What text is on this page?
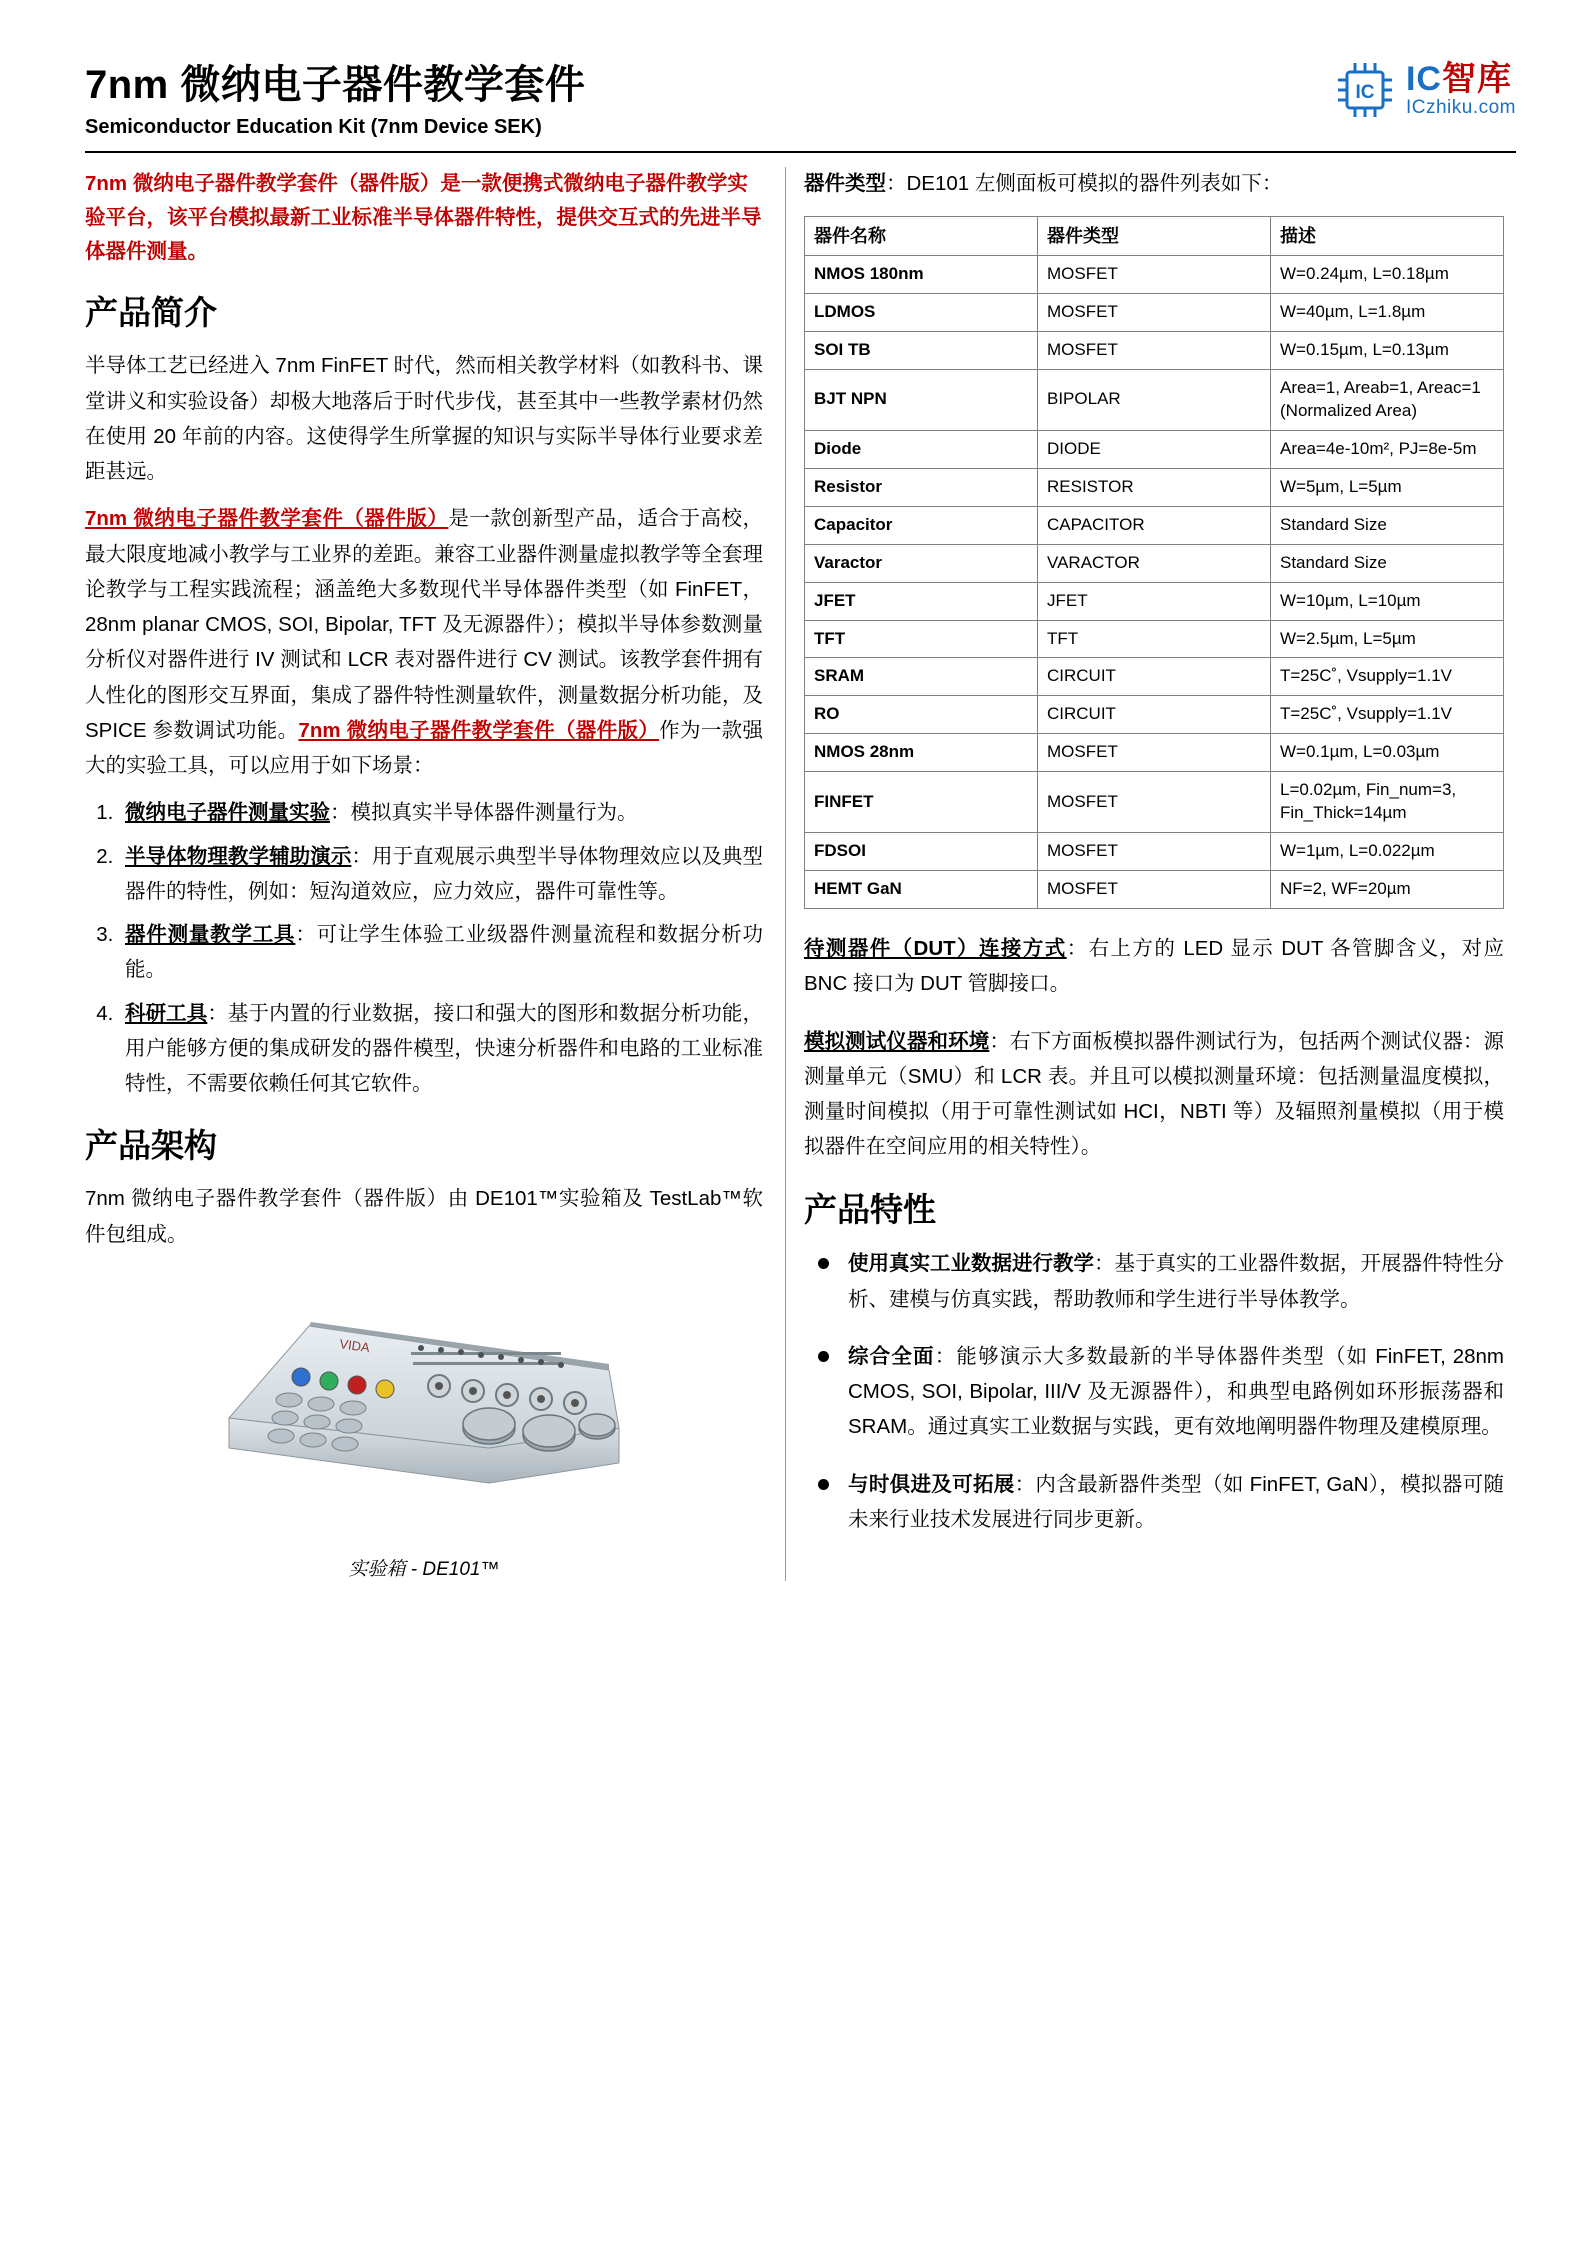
7nm 微纳电子器件教学套件
Semiconductor Education Kit (7nm Device SEK)
IC IC智库
ICzhiku.com

7nm 微纳电子器件教学套件（器件版）是一款便携式微纳电子器件教学实验平台，该平台模拟最新工业标准半导体器件特性，提供交互式的先进半导体器件测量。

产品简介

半导体工艺已经进入 7nm FinFET 时代，然而相关教学材料（如教科书、课堂讲义和实验设备）却极大地落后于时代步伐，甚至其中一些教学素材仍然在使用 20 年前的内容。这使得学生所掌握的知识与实际半导体行业要求差距甚远。

7nm 微纳电子器件教学套件（器件版）是一款创新型产品，适合于高校，最大限度地减小教学与工业界的差距。兼容工业器件测量虚拟教学等全套理论教学与工程实践流程；涵盖绝大多数现代半导体器件类型（如 FinFET，28nm planar CMOS, SOI, Bipolar, TFT 及无源器件）；模拟半导体参数测量分析仪对器件进行 IV 测试和 LCR 表对器件进行 CV 测试。该教学套件拥有人性化的图形交互界面，集成了器件特性测量软件，测量数据分析功能，及 SPICE 参数调试功能。7nm 微纳电子器件教学套件（器件版）作为一款强大的实验工具，可以应用于如下场景：

1. 微纳电子器件测量实验：模拟真实半导体器件测量行为。
2. 半导体物理教学辅助演示：用于直观展示典型半导体物理效应以及典型器件的特性，例如：短沟道效应，应力效应，器件可靠性等。
3. 器件测量教学工具：可让学生体验工业级器件测量流程和数据分析功能。
4. 科研工具：基于内置的行业数据，接口和强大的图形和数据分析功能，用户能够方便的集成研发的器件模型，快速分析器件和电路的工业标准特性，不需要依赖任何其它软件。
产品架构

7nm 微纳电子器件教学套件（器件版）由 DE101™实验箱及 TestLab™软件包组成。

VIDA
实验箱 - DE101™

器件类型：DE101 左侧面板可模拟的器件列表如下：

器件名称	器件类型	描述
NMOS 180nm	MOSFET	W=0.24µm, L=0.18µm
LDMOS	MOSFET	W=40µm, L=1.8µm
SOI TB	MOSFET	W=0.15µm, L=0.13µm
BJT NPN	BIPOLAR	Area=1, Areab=1, Areac=1 (Normalized Area)
Diode	DIODE	Area=4e-10m², PJ=8e-5m
Resistor	RESISTOR	W=5µm, L=5µm
Capacitor	CAPACITOR	Standard Size
Varactor	VARACTOR	Standard Size
JFET	JFET	W=10µm, L=10µm
TFT	TFT	W=2.5µm, L=5µm
SRAM	CIRCUIT	T=25C˚, Vsupply=1.1V
RO	CIRCUIT	T=25C˚, Vsupply=1.1V
NMOS 28nm	MOSFET	W=0.1µm, L=0.03µm
FINFET	MOSFET	L=0.02µm, Fin_num=3, Fin_Thick=14µm
FDSOI	MOSFET	W=1µm, L=0.022µm
HEMT GaN	MOSFET	NF=2, WF=20µm

待测器件（DUT）连接方式：右上方的 LED 显示 DUT 各管脚含义，对应 BNC 接口为 DUT 管脚接口。

模拟测试仪器和环境：右下方面板模拟器件测试行为，包括两个测试仪器：源测量单元（SMU）和 LCR 表。并且可以模拟测量环境：包括测量温度模拟，测量时间模拟（用于可靠性测试如 HCI，NBTI 等）及辐照剂量模拟（用于模拟器件在空间应用的相关特性）。

产品特性
使用真实工业数据进行教学：基于真实的工业器件数据，开展器件特性分析、建模与仿真实践，帮助教师和学生进行半导体教学。
综合全面：能够演示大多数最新的半导体器件类型（如 FinFET, 28nm CMOS, SOI, Bipolar, III/V 及无源器件），和典型电路例如环形振荡器和 SRAM。通过真实工业数据与实践，更有效地阐明器件物理及建模原理。
与时俱进及可拓展：内含最新器件类型（如 FinFET, GaN），模拟器可随未来行业技术发展进行同步更新。
